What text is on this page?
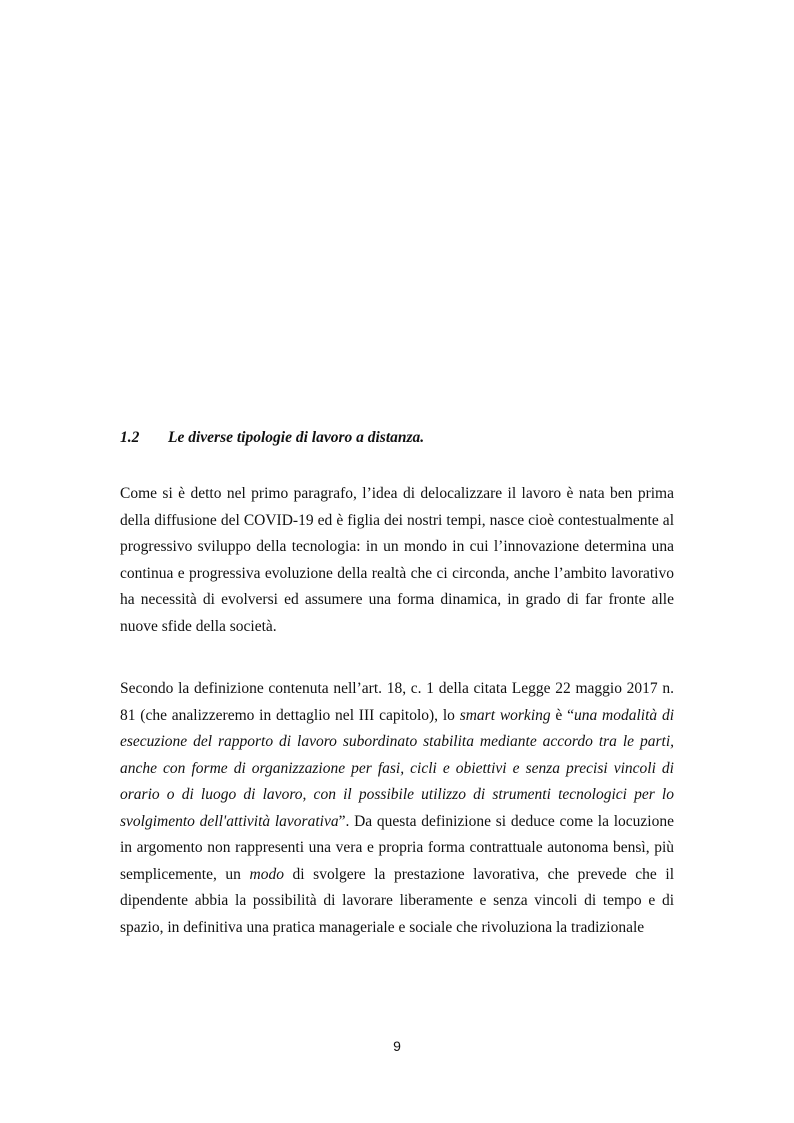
1.2 Le diverse tipologie di lavoro a distanza.

Come si è detto nel primo paragrafo, l’idea di delocalizzare il lavoro è nata ben prima della diffusione del COVID-19 ed è figlia dei nostri tempi, nasce cioè contestualmente al progressivo sviluppo della tecnologia: in un mondo in cui l’innovazione determina una continua e progressiva evoluzione della realtà che ci circonda, anche l’ambito lavorativo ha necessità di evolversi ed assumere una forma dinamica, in grado di far fronte alle nuove sfide della società.

Secondo la definizione contenuta nell’art. 18, c. 1 della citata Legge 22 maggio 2017 n. 81 (che analizzeremo in dettaglio nel III capitolo), lo smart working è “una modalità di esecuzione del rapporto di lavoro subordinato stabilita mediante accordo tra le parti, anche con forme di organizzazione per fasi, cicli e obiettivi e senza precisi vincoli di orario o di luogo di lavoro, con il possibile utilizzo di strumenti tecnologici per lo svolgimento dell'attività lavorativa”. Da questa definizione si deduce come la locuzione in argomento non rappresenti una vera e propria forma contrattuale autonoma bensì, più semplicemente, un modo di svolgere la prestazione lavorativa, che prevede che il dipendente abbia la possibilità di lavorare liberamente e senza vincoli di tempo e di spazio, in definitiva una pratica manageriale e sociale che rivoluziona la tradizionale

9
